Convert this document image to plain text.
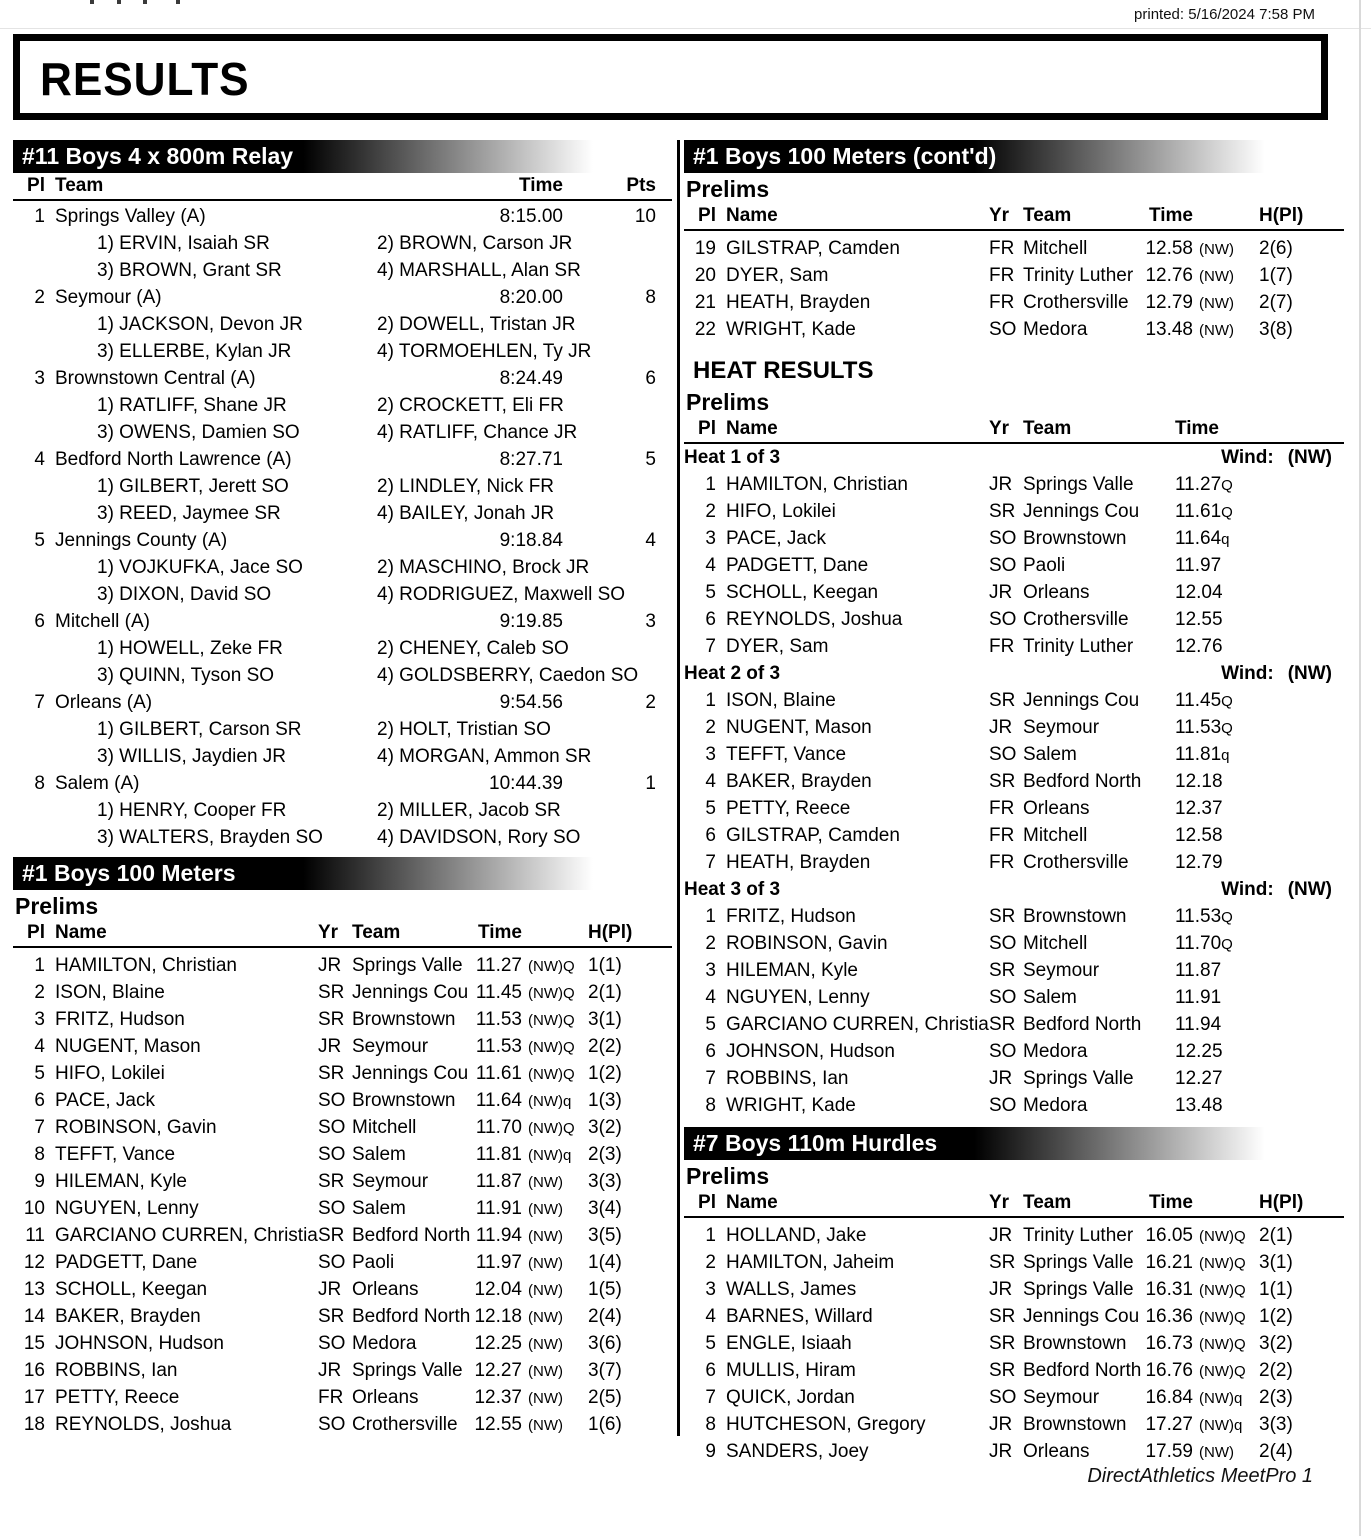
printed: 5/16/2024 7:58 PM
RESULTS
#11 Boys 4 x 800m Relay
Pl Team	Time	Pts
1 Springs Valley (A)	8:15.00	10
1) ERVIN, Isaiah SR	2) BROWN, Carson JR
3) BROWN, Grant SR	4) MARSHALL, Alan SR
2 Seymour (A)	8:20.00	8
1) JACKSON, Devon JR	2) DOWELL, Tristan JR
3) ELLERBE, Kylan JR	4) TORMOEHLEN, Ty JR
3 Brownstown Central (A)	8:24.49	6
1) RATLIFF, Shane JR	2) CROCKETT, Eli FR
3) OWENS, Damien SO	4) RATLIFF, Chance JR
4 Bedford North Lawrence (A)	8:27.71	5
1) GILBERT, Jerett SO	2) LINDLEY, Nick FR
3) REED, Jaymee SR	4) BAILEY, Jonah JR
5 Jennings County (A)	9:18.84	4
1) VOJKUFKA, Jace SO	2) MASCHINO, Brock JR
3) DIXON, David SO	4) RODRIGUEZ, Maxwell SO
6 Mitchell (A)	9:19.85	3
1) HOWELL, Zeke FR	2) CHENEY, Caleb SO
3) QUINN, Tyson SO	4) GOLDSBERRY, Caedon SO
7 Orleans (A)	9:54.56	2
1) GILBERT, Carson SR	2) HOLT, Tristian SO
3) WILLIS, Jaydien JR	4) MORGAN, Ammon SR
8 Salem (A)	10:44.39	1
1) HENRY, Cooper FR	2) MILLER, Jacob SR
3) WALTERS, Brayden SO	4) DAVIDSON, Rory SO
#1 Boys 100 Meters
Prelims
Pl Name	Yr Team	Time	H(Pl)
1 HAMILTON, Christian	JR Springs Valle 11.27 (NW)Q 1(1)
2 ISON, Blaine	SR Jennings Cou 11.45 (NW)Q 2(1)
3 FRITZ, Hudson	SR Brownstown	11.53 (NW)Q 3(1)
4 NUGENT, Mason	JR Seymour	11.53 (NW)Q 2(2)
5 HIFO, Lokilei	SR Jennings Cou 11.61 (NW)Q 1(2)
6 PACE, Jack	SO Brownstown	11.64 (NW)q 1(3)
7 ROBINSON, Gavin	SO Mitchell	11.70 (NW)Q 3(2)
8 TEFFT, Vance	SO Salem	11.81 (NW)q 2(3)
9 HILEMAN, Kyle	SR Seymour	11.87 (NW)	3(3)
10 NGUYEN, Lenny	SO Salem	11.91 (NW)	3(4)
11 GARCIANO CURREN, Christia SR Bedford North 11.94 (NW)	3(5)
12 PADGETT, Dane	SO Paoli	11.97 (NW)	1(4)
13 SCHOLL, Keegan	JR Orleans	12.04 (NW)	1(5)
14 BAKER, Brayden	SR Bedford North 12.18 (NW)	2(4)
15 JOHNSON, Hudson	SO Medora	12.25 (NW)	3(6)
16 ROBBINS, Ian	JR Springs Valle 12.27 (NW)	3(7)
17 PETTY, Reece	FR Orleans	12.37 (NW)	2(5)
18 REYNOLDS, Joshua	SO Crothersville 12.55 (NW)	1(6)
#1 Boys 100 Meters (cont'd)
Prelims
Pl Name	Yr Team	Time	H(Pl)
19 GILSTRAP, Camden	FR Mitchell	12.58 (NW)	2(6)
20 DYER, Sam	FR Trinity Luther 12.76 (NW)	1(7)
21 HEATH, Brayden	FR Crothersville 12.79 (NW)	2(7)
22 WRIGHT, Kade	SO Medora	13.48 (NW)	3(8)
HEAT RESULTS
Prelims
Pl Name	Yr Team	Time
Heat 1 of 3	Wind: (NW)
1 HAMILTON, Christian	JR Springs Valle	11.27Q
2 HIFO, Lokilei	SR Jennings Cou	11.61Q
3 PACE, Jack	SO Brownstown	11.64q
4 PADGETT, Dane	SO Paoli	11.97
5 SCHOLL, Keegan	JR Orleans	12.04
6 REYNOLDS, Joshua	SO Crothersville	12.55
7 DYER, Sam	FR Trinity Luther	12.76
Heat 2 of 3	Wind: (NW)
1 ISON, Blaine	SR Jennings Cou	11.45Q
2 NUGENT, Mason	JR Seymour	11.53Q
3 TEFFT, Vance	SO Salem	11.81q
4 BAKER, Brayden	SR Bedford North	12.18
5 PETTY, Reece	FR Orleans	12.37
6 GILSTRAP, Camden	FR Mitchell	12.58
7 HEATH, Brayden	FR Crothersville	12.79
Heat 3 of 3	Wind: (NW)
1 FRITZ, Hudson	SR Brownstown	11.53Q
2 ROBINSON, Gavin	SO Mitchell	11.70Q
3 HILEMAN, Kyle	SR Seymour	11.87
4 NGUYEN, Lenny	SO Salem	11.91
5 GARCIANO CURREN, Christia SR Bedford North	11.94
6 JOHNSON, Hudson	SO Medora	12.25
7 ROBBINS, Ian	JR Springs Valle	12.27
8 WRIGHT, Kade	SO Medora	13.48
#7 Boys 110m Hurdles
Prelims
Pl Name	Yr Team	Time	H(Pl)
1 HOLLAND, Jake	JR Trinity Luther 16.05 (NW)Q 2(1)
2 HAMILTON, Jaheim	SR Springs Valle 16.21 (NW)Q 3(1)
3 WALLS, James	JR Springs Valle 16.31 (NW)Q 1(1)
4 BARNES, Willard	SR Jennings Cou 16.36 (NW)Q 1(2)
5 ENGLE, Isiaah	SR Brownstown 16.73 (NW)Q 3(2)
6 MULLIS, Hiram	SR Bedford North 16.76 (NW)Q 2(2)
7 QUICK, Jordan	SO Seymour	16.84 (NW)q 2(3)
8 HUTCHESON, Gregory	JR Brownstown 17.27 (NW)q 3(3)
9 SANDERS, Joey	JR Orleans	17.59 (NW)	2(4)
DirectAthletics MeetPro 1
